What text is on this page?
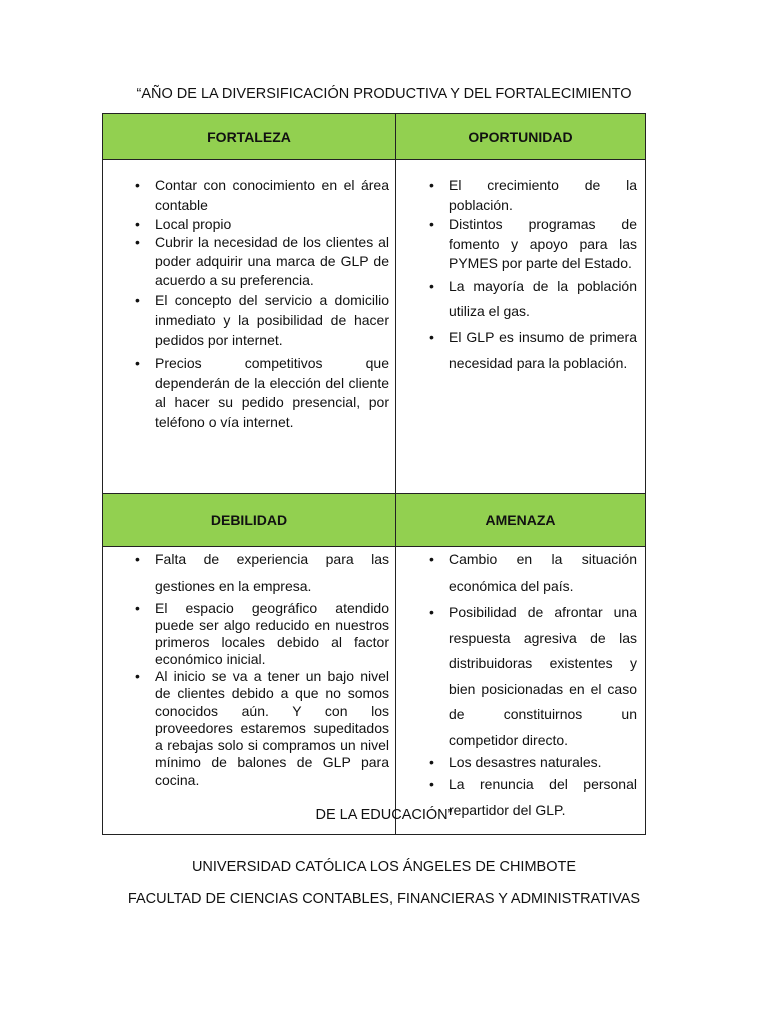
“AÑO DE LA DIVERSIFICACIÓN PRODUCTIVA Y DEL FORTALECIMIENTO
FORTALEZA	OPORTUNIDAD
DEBILIDAD	AMENAZA
• Contar con conocimiento en el área contable
• Local propio
• Cubrir la necesidad de los clientes al poder adquirir una marca de GLP de acuerdo a su preferencia.
• El concepto del servicio a domicilio inmediato y la posibilidad de hacer pedidos por internet.
• Precios competitivos que dependerán de la elección del cliente al hacer su pedido presencial, por teléfono o vía internet.
• El crecimiento de la población.
• Distintos programas de fomento y apoyo para las PYMES por parte del Estado.
• La mayoría de la población utiliza el gas.
• El GLP es insumo de primera necesidad para la población.
• Falta de experiencia para las gestiones en la empresa.
• El espacio geográfico atendido puede ser algo reducido en nuestros primeros locales debido al factor económico inicial.
• Al inicio se va a tener un bajo nivel de clientes debido a que no somos conocidos aún. Y con los proveedores estaremos supeditados a rebajas solo si compramos un nivel mínimo de balones de GLP para cocina.
• Cambio en la situación económica del país.
• Posibilidad de afrontar una respuesta agresiva de las distribuidoras existentes y bien posicionadas en el caso de constituirnos un competidor directo.
• Los desastres naturales.
• La renuncia del personal repartidor del GLP.
DE LA EDUCACIÓN”
UNIVERSIDAD CATÓLICA LOS ÁNGELES DE CHIMBOTE
FACULTAD DE CIENCIAS CONTABLES, FINANCIERAS Y ADMINISTRATIVAS
